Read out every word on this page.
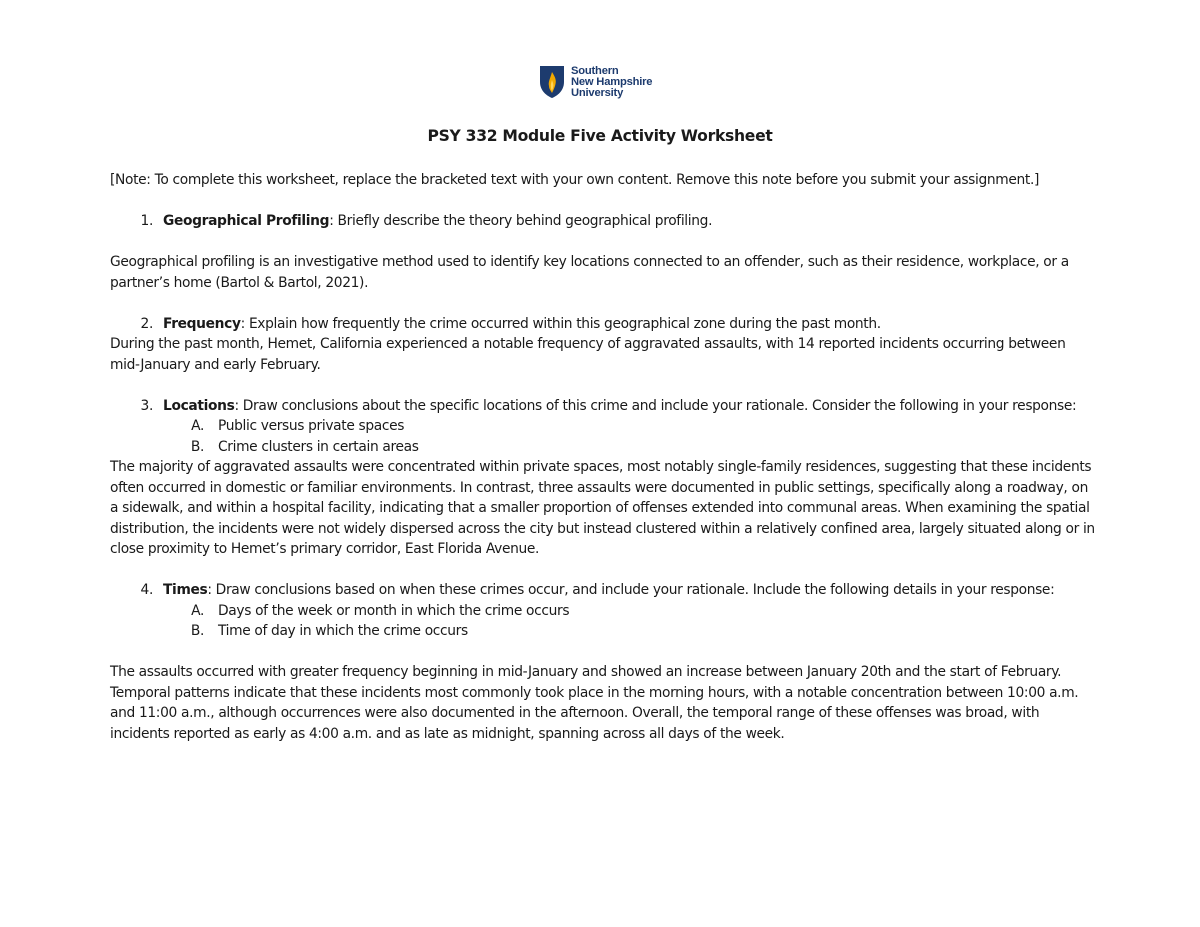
Southern
New Hampshire
University
PSY 332 Module Five Activity Worksheet

[Note: To complete this worksheet, replace the bracketed text with your own content. Remove this note before you submit your assignment.]

1. Geographical Profiling: Briefly describe the theory behind geographical profiling.

Geographical profiling is an investigative method used to identify key locations connected to an offender, such as their residence, workplace, or a partner’s home (Bartol & Bartol, 2021).

2. Frequency: Explain how frequently the crime occurred within this geographical zone during the past month.

During the past month, Hemet, California experienced a notable frequency of aggravated assaults, with 14 reported incidents occurring between mid-January and early February.

3. Locations: Draw conclusions about the specific locations of this crime and include your rationale. Consider the following in your response:
A.	Public versus private spaces
B.	Crime clusters in certain areas

The majority of aggravated assaults were concentrated within private spaces, most notably single-family residences, suggesting that these incidents often occurred in domestic or familiar environments. In contrast, three assaults were documented in public settings, specifically along a roadway, on a sidewalk, and within a hospital facility, indicating that a smaller proportion of offenses extended into communal areas. When examining the spatial distribution, the incidents were not widely dispersed across the city but instead clustered within a relatively confined area, largely situated along or in close proximity to Hemet’s primary corridor, East Florida Avenue.

4. Times: Draw conclusions based on when these crimes occur, and include your rationale. Include the following details in your response:
A.	Days of the week or month in which the crime occurs
B.	Time of day in which the crime occurs

The assaults occurred with greater frequency beginning in mid-January and showed an increase between January 20th and the start of February. Temporal patterns indicate that these incidents most commonly took place in the morning hours, with a notable concentration between 10:00 a.m. and 11:00 a.m., although occurrences were also documented in the afternoon. Overall, the temporal range of these offenses was broad, with incidents reported as early as 4:00 a.m. and as late as midnight, spanning across all days of the week.
